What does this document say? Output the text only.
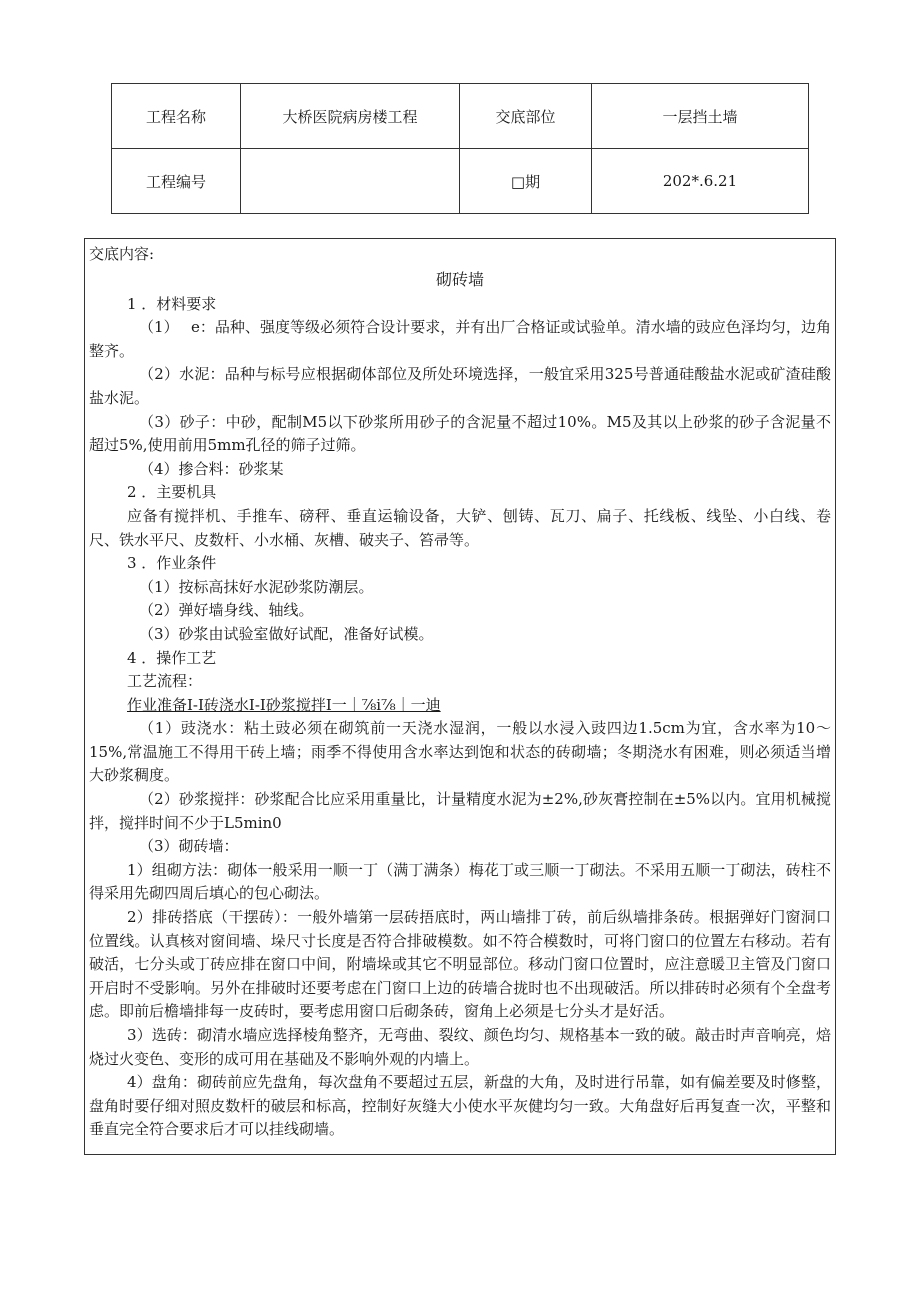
工程名称	大桥医院病房楼工程	交底部位	一层挡土墙
工程编号		□期	202*.6.21

交底内容:

砌砖墙

1 ．材料要求

（1）　 e：品种、强度等级必须符合设计要求，并有出厂合格证或试验单。清水墙的豉应色泽均匀，边角整齐。

（2）水泥：品种与标号应根据砌体部位及所处环境选择，一般宜采用325号普通硅酸盐水泥或矿渣硅酸盐水泥。

（3）砂子：中砂，配制M5以下砂浆所用砂子的含泥量不超过10%。M5及其以上砂浆的砂子含泥量不超过5%,使用前用5mm孔径的筛子过筛。

（4）掺合料：砂浆某

2 ．主要机具

应备有搅拌机、手推车、磅秤、垂直运输设备，大铲、刨铸、瓦刀、扁子、托线板、线坠、小白线、卷尺、铁水平尺、皮数杆、小水桶、灰槽、破夹子、笞帚等。

3 ．作业条件

（1）按标高抹好水泥砂浆防潮层。

（2）弹好墙身线、轴线。

（3）砂浆由试验室做好试配，准备好试模。

4 ．操作工艺

工艺流程：

作业准备I-I砖浇水I-I砂浆搅拌I一｜⅞i⅞｜一迪

（1）豉浇水：粘土豉必须在砌筑前一天浇水湿润，一般以水浸入豉四边1.5cm为宜，含水率为10～15%,常温施工不得用干砖上墙；雨季不得使用含水率达到饱和状态的砖砌墙；冬期浇水有困难，则必须适当增大砂浆稠度。

（2）砂浆搅拌：砂浆配合比应采用重量比，计量精度水泥为±2%,砂灰膏控制在±5%以内。宜用机械搅拌，搅拌时间不少于L5min0

（3）砌砖墙：

1）组砌方法：砌体一般采用一顺一丁（满丁满条）梅花丁或三顺一丁砌法。不采用五顺一丁砌法，砖柱不得采用先砌四周后填心的包心砌法。

2）排砖搭底（干摆砖）：一般外墙第一层砖捂底时，两山墙排丁砖，前后纵墙排条砖。根据弹好门窗洞口位置线。认真核对窗间墙、垛尺寸长度是否符合排破模数。如不符合模数时，可将门窗口的位置左右移动。若有破活，七分头或丁砖应排在窗口中间，附墙垛或其它不明显部位。移动门窗口位置时，应注意暖卫主管及门窗口开启时不受影响。另外在排破时还要考虑在门窗口上边的砖墙合拢时也不出现破活。所以排砖时必须有个全盘考虑。即前后檐墙排每一皮砖时，要考虑用窗口后砌条砖，窗角上必须是七分头才是好活。

3）选砖：砌清水墙应选择棱角整齐，无弯曲、裂纹、颜色均匀、规格基本一致的破。敲击时声音响亮，焙烧过火变色、变形的成可用在基础及不影响外观的内墙上。

4）盘角：砌砖前应先盘角，每次盘角不要超过五层，新盘的大角，及时进行吊靠，如有偏差要及时修整，盘角时要仔细对照皮数杆的破层和标高，控制好灰缝大小使水平灰健均匀一致。大角盘好后再复查一次，平整和垂直完全符合要求后才可以挂线砌墙。
